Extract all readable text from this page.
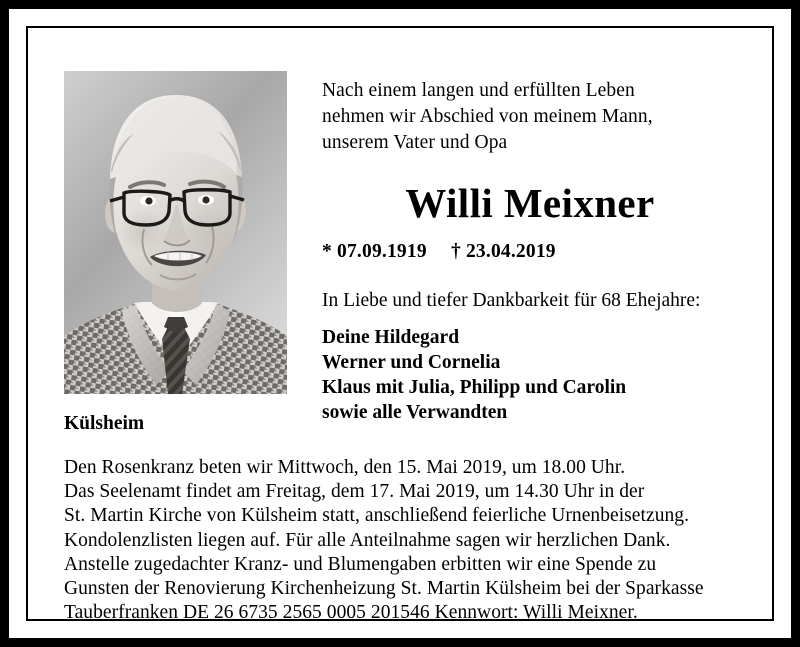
Nach einem langen und erfüllten Leben
nehmen wir Abschied von meinem Mann,
unserem Vater und Opa
Willi Meixner
* 07.09.1919 † 23.04.2019
In Liebe und tiefer Dankbarkeit für 68 Ehejahre:
Deine Hildegard
Werner und Cornelia
Klaus mit Julia, Philipp und Carolin
sowie alle Verwandten
Külsheim
Den Rosenkranz beten wir Mittwoch, den 15. Mai 2019, um 18.00 Uhr.
Das Seelenamt findet am Freitag, dem 17. Mai 2019, um 14.30 Uhr in der
St. Martin Kirche von Külsheim statt, anschließend feierliche Urnenbeisetzung.
Kondolenzlisten liegen auf. Für alle Anteilnahme sagen wir herzlichen Dank.
Anstelle zugedachter Kranz- und Blumengaben erbitten wir eine Spende zu
Gunsten der Renovierung Kirchenheizung St. Martin Külsheim bei der Sparkasse
Tauberfranken DE 26 6735 2565 0005 201546 Kennwort: Willi Meixner.
